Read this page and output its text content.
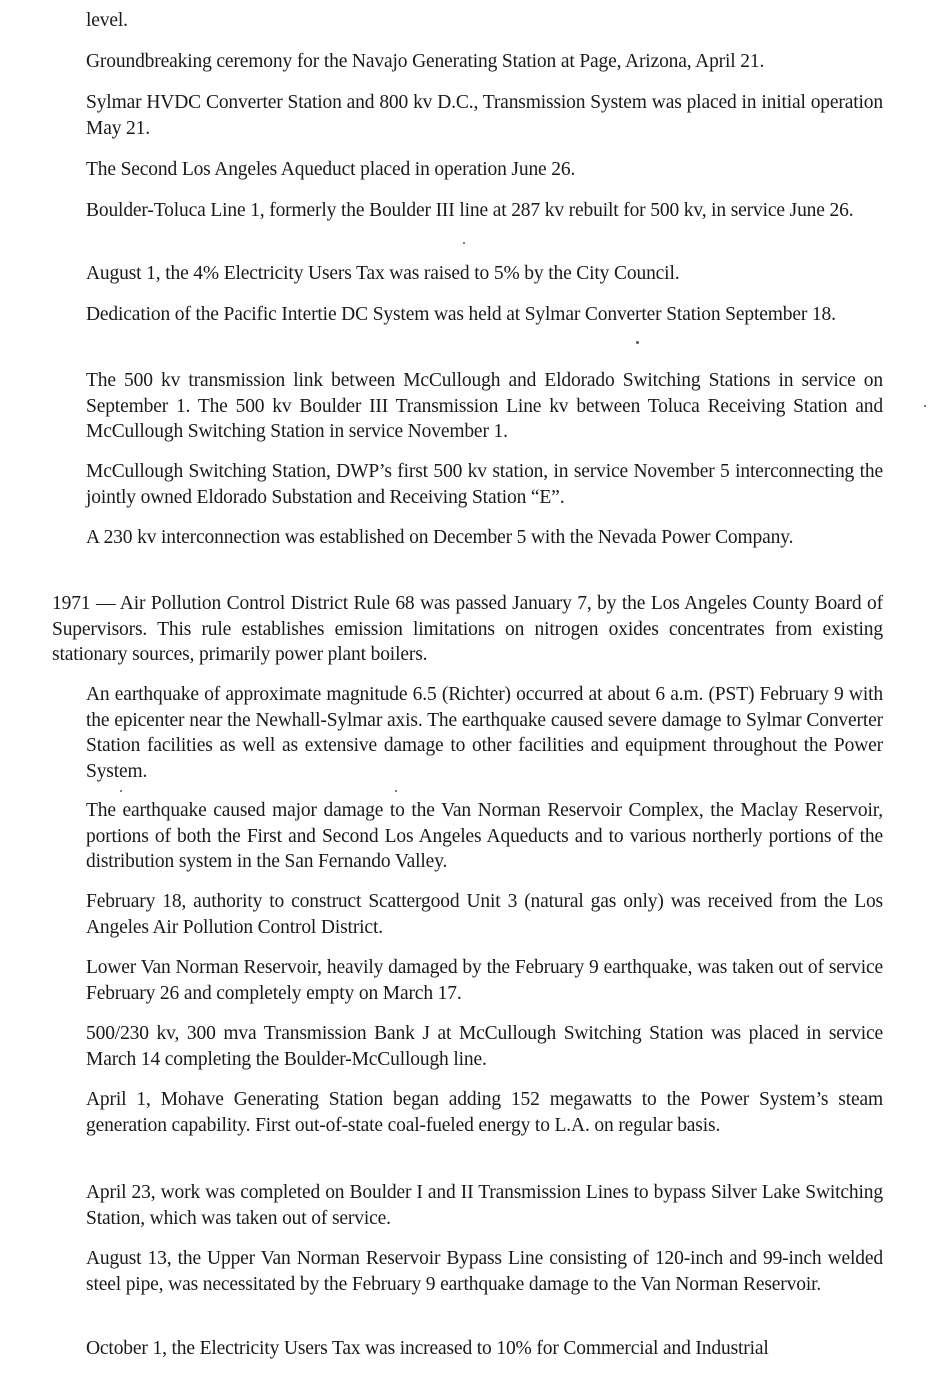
level.

Groundbreaking ceremony for the Navajo Generating Station at Page, Arizona, April 21.

Sylmar HVDC Converter Station and 800 kv D.C., Transmission System was placed in initial operation May 21.

The Second Los Angeles Aqueduct placed in operation June 26.

Boulder-Toluca Line 1, formerly the Boulder III line at 287 kv rebuilt for 500 kv, in service June 26.

August 1, the 4% Electricity Users Tax was raised to 5% by the City Council.

Dedication of the Pacific Intertie DC System was held at Sylmar Converter Station September 18.

The 500 kv transmission link between McCullough and Eldorado Switching Stations in service on September 1. The 500 kv Boulder III Transmission Line kv between Toluca Receiving Station and McCullough Switching Station in service November 1.

McCullough Switching Station, DWP’s first 500 kv station, in service November 5 interconnecting the jointly owned Eldorado Substation and Receiving Station “E”.

A 230 kv interconnection was established on December 5 with the Nevada Power Company.

1971 — Air Pollution Control District Rule 68 was passed January 7, by the Los Angeles County Board of Supervisors. This rule establishes emission limitations on nitrogen oxides concentrates from existing stationary sources, primarily power plant boilers.

An earthquake of approximate magnitude 6.5 (Richter) occurred at about 6 a.m. (PST) February 9 with the epicenter near the Newhall-Sylmar axis. The earthquake caused severe damage to Sylmar Converter Station facilities as well as extensive damage to other facilities and equipment throughout the Power System.

The earthquake caused major damage to the Van Norman Reservoir Complex, the Maclay Reservoir, portions of both the First and Second Los Angeles Aqueducts and to various northerly portions of the distribution system in the San Fernando Valley.

February 18, authority to construct Scattergood Unit 3 (natural gas only) was received from the Los Angeles Air Pollution Control District.

Lower Van Norman Reservoir, heavily damaged by the February 9 earthquake, was taken out of service February 26 and completely empty on March 17.

500/230 kv, 300 mva Transmission Bank J at McCullough Switching Station was placed in service March 14 completing the Boulder-McCullough line.

April 1, Mohave Generating Station began adding 152 megawatts to the Power System’s steam generation capability. First out-of-state coal-fueled energy to L.A. on regular basis.

April 23, work was completed on Boulder I and II Transmission Lines to bypass Silver Lake Switching Station, which was taken out of service.

August 13, the Upper Van Norman Reservoir Bypass Line consisting of 120-inch and 99-inch welded steel pipe, was necessitated by the February 9 earthquake damage to the Van Norman Reservoir.

October 1, the Electricity Users Tax was increased to 10% for Commercial and Industrial
